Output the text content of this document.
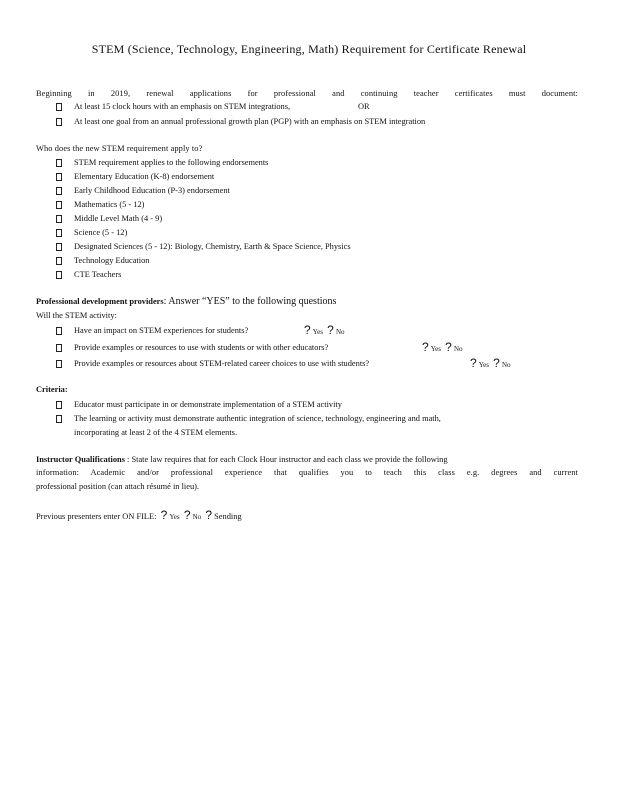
STEM (Science, Technology, Engineering, Math) Requirement for Certificate Renewal
Beginning in 2019, renewal applications for professional and continuing teacher certificates must document:
At least 15 clock hours with an emphasis on STEM integrations,	OR
At least one goal from an annual professional growth plan (PGP) with an emphasis on STEM integration
Who does the new STEM requirement apply to?
STEM requirement applies to the following endorsements
Elementary Education (K-8) endorsement
Early Childhood Education (P-3) endorsement
Mathematics (5 - 12)
Middle Level Math (4 - 9)
Science (5 - 12)
Designated Sciences (5 - 12): Biology, Chemistry, Earth & Space Science, Physics
Technology Education
CTE Teachers
Professional development providers: Answer “YES” to the following questions
Will the STEM activity:
Have an impact on STEM experiences for students?	? Yes ? No
Provide examples or resources to use with students or with other educators?	? Yes ? No
Provide examples or resources about STEM-related career choices to use with students?	? Yes ? No
Criteria:
Educator must participate in or demonstrate implementation of a STEM activity
The learning or activity must demonstrate authentic integration of science, technology, engineering and math,
incorporating at least 2 of the 4 STEM elements.
Instructor Qualifications : State law requires that for each Clock Hour instructor and each class we provide the following
information: Academic and/or professional experience that qualifies you to teach this class e.g. degrees and current
professional position (can attach résumé in lieu).
Previous presenters enter ON FILE: ? Yes ? No ? Sending
